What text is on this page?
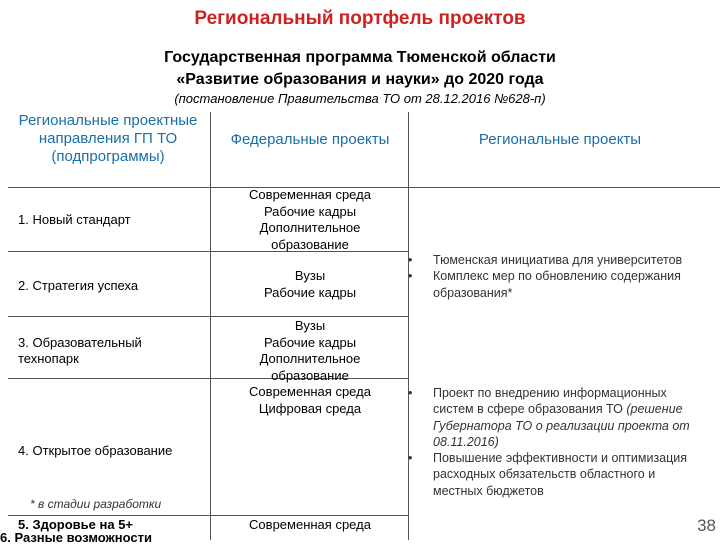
Региональный портфель проектов
Государственная программа Тюменской области
«Развитие образования и науки» до 2020 года
(постановление Правительства ТО от 28.12.2016 №628-п)
Региональные проектные направления ГП ТО (подпрограммы)
Федеральные проекты	Региональные проекты
1. Новый стандарт
2. Стратегия успеха
3. Образовательный технопарк
4. Открытое образование
5. Здоровье на 5+
Современная среда
Рабочие кадры
Дополнительное
образование
Вузы
Рабочие кадры
Вузы
Рабочие кадры
Дополнительное
образование
Современная среда
Цифровая среда
Современная среда
• Тюменская инициатива для университетов
• Комплекс мер по обновлению содержания образования*
• Проект по внедрению информационных систем в сфере образования ТО (решение Губернатора ТО о реализации проекта от 08.11.2016)
• Повышение эффективности и оптимизация расходных обязательств областного и местных бюджетов
* в стадии разработки
38
6. Разные возможности
